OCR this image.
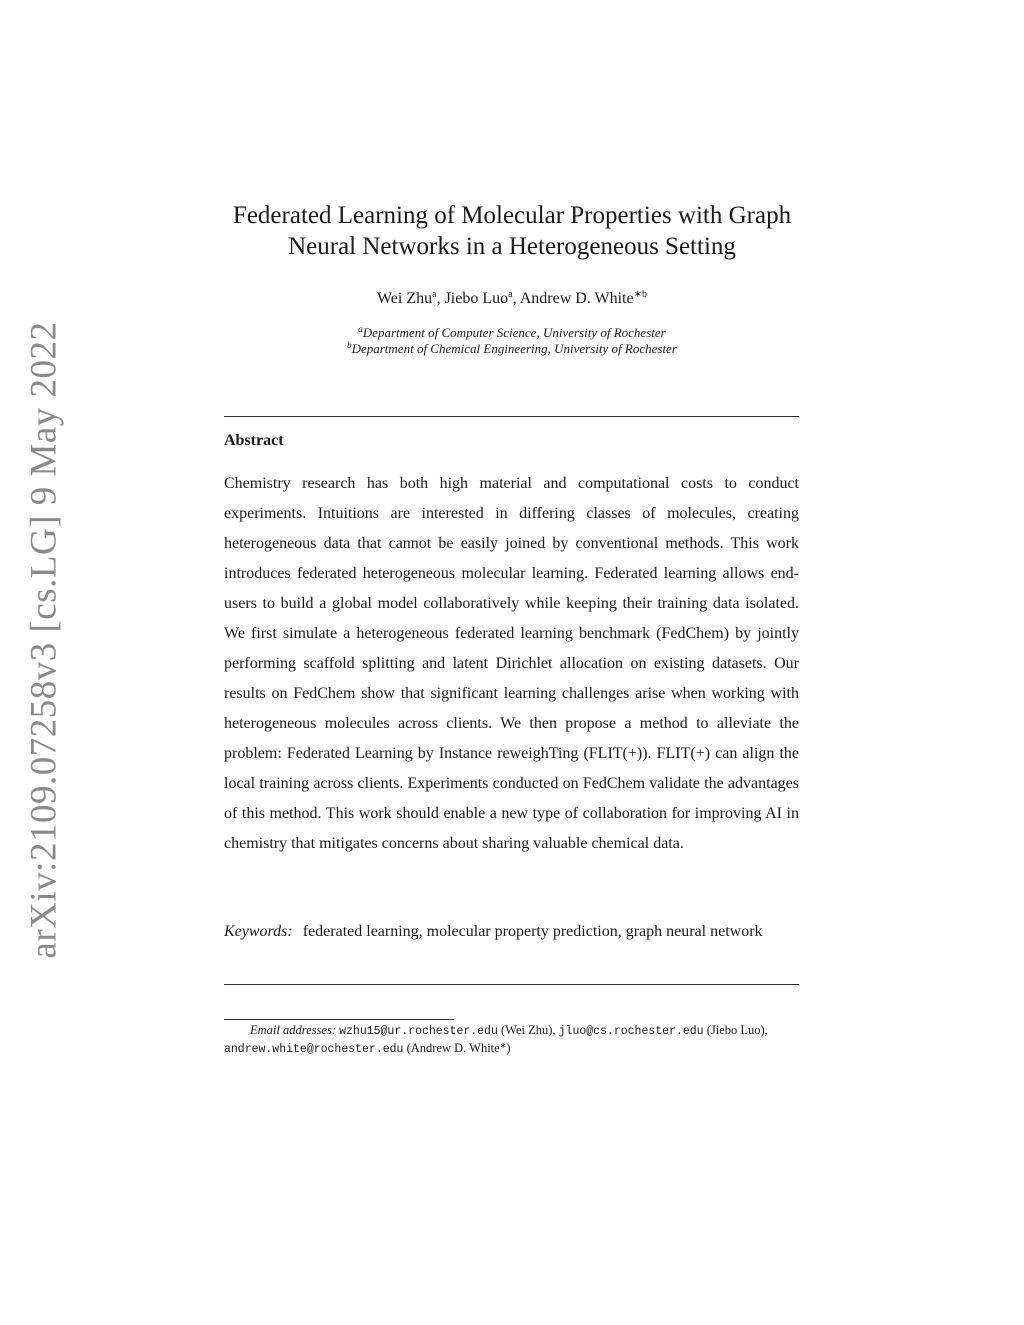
arXiv:2109.07258v3 [cs.LG] 9 May 2022
Federated Learning of Molecular Properties with Graph
Neural Networks in a Heterogeneous Setting
Wei Zhu$^a$, Jiebo Luo$^a$, Andrew D. White$^{∗b}$
$^a$Department of Computer Science, University of Rochester
$^b$Department of Chemical Engineering, University of Rochester
Abstract
Chemistry research has both high material and computational costs to conduct experiments. Intuitions are interested in differing classes of molecules, creating heterogeneous data that cannot be easily joined by conventional methods. This work introduces federated heterogeneous molecular learning. Federated learning allows end-users to build a global model collaboratively while keeping their training data isolated. We first simulate a heterogeneous federated learning benchmark (FedChem) by jointly performing scaffold splitting and latent Dirichlet allocation on existing datasets. Our results on FedChem show that significant learning challenges arise when working with heterogeneous molecules across clients. We then propose a method to alleviate the problem: Federated Learning by Instance reweighTing (FLIT(+)). FLIT(+) can align the local training across clients. Experiments conducted on FedChem validate the advantages of this method. This work should enable a new type of collaboration for improving AI in chemistry that mitigates concerns about sharing valuable chemical data.
Keywords: federated learning, molecular property prediction, graph neural network
Email addresses: wzhu15@ur.rochester.edu (Wei Zhu), jluo@cs.rochester.edu (Jiebo Luo), andrew.white@rochester.edu (Andrew D. White∗)
